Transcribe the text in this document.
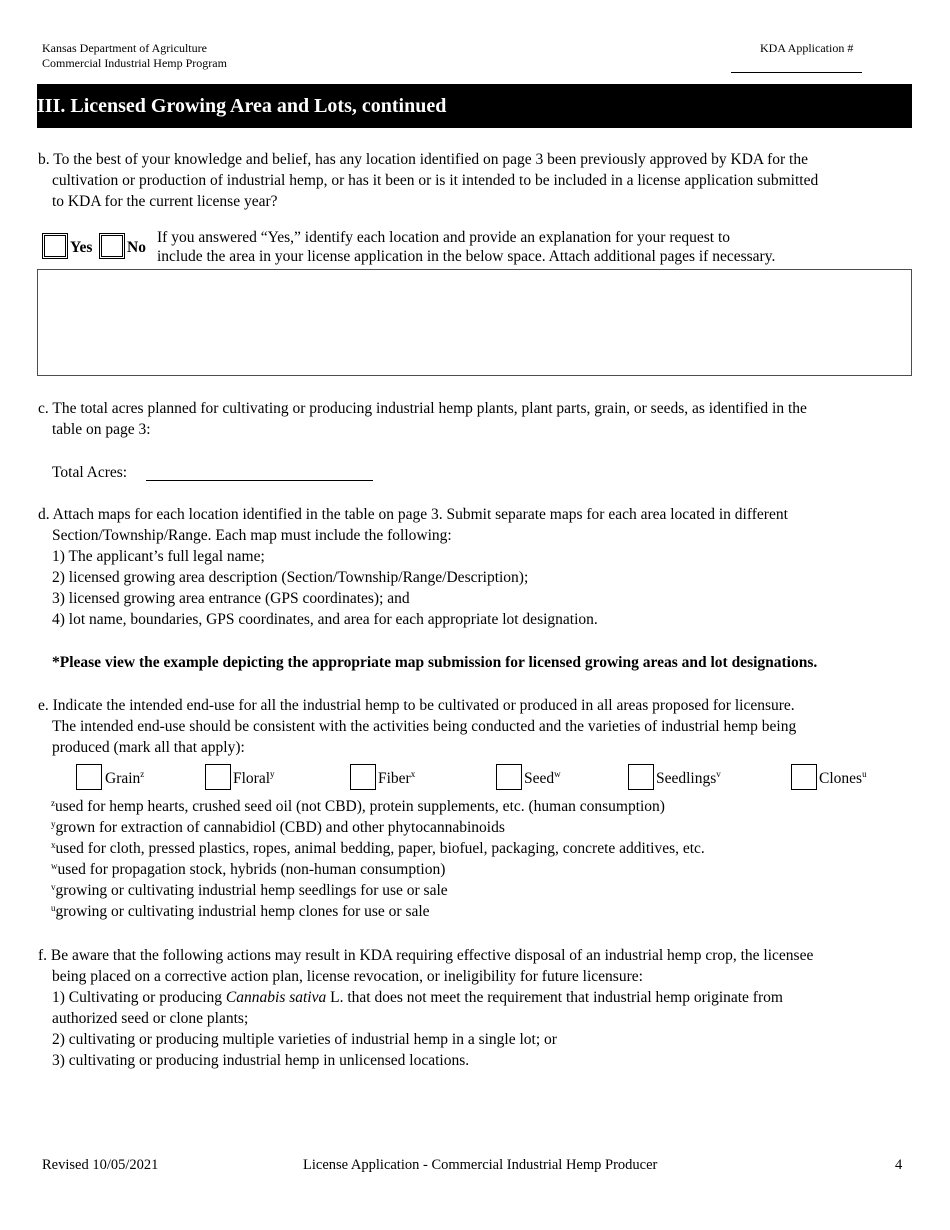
Kansas Department of Agriculture
Commercial Industrial Hemp Program
KDA Application #
III. Licensed Growing Area and Lots, continued
b. To the best of your knowledge and belief, has any location identified on page 3 been previously approved by KDA for the
cultivation or production of industrial hemp, or has it been or is it intended to be included in a license application submitted
to KDA for the current license year?
Yes No
If you answered “Yes,” identify each location and provide an explanation for your request to
include the area in your license application in the below space. Attach additional pages if necessary.
c. The total acres planned for cultivating or producing industrial hemp plants, plant parts, grain, or seeds, as identified in the
table on page 3:
Total Acres:
d. Attach maps for each location identified in the table on page 3. Submit separate maps for each area located in different
Section/Township/Range. Each map must include the following:
1) The applicant’s full legal name;
2) licensed growing area description (Section/Township/Range/Description);
3) licensed growing area entrance (GPS coordinates); and
4) lot name, boundaries, GPS coordinates, and area for each appropriate lot designation.
*Please view the example depicting the appropriate map submission for licensed growing areas and lot designations.
e. Indicate the intended end-use for all the industrial hemp to be cultivated or produced in all areas proposed for licensure.
The intended end-use should be consistent with the activities being conducted and the varieties of industrial hemp being
produced (mark all that apply):
Grain$^z$	Floral$^y$	Fiber$^x$	Seed$^w$	Seedlings$^v$	Clones$^u$
$^z$used for hemp hearts, crushed seed oil (not CBD), protein supplements, etc. (human consumption)
$^y$grown for extraction of cannabidiol (CBD) and other phytocannabinoids
$^x$used for cloth, pressed plastics, ropes, animal bedding, paper, biofuel, packaging, concrete additives, etc.
$^w$used for propagation stock, hybrids (non-human consumption)
$^v$growing or cultivating industrial hemp seedlings for use or sale
$^u$growing or cultivating industrial hemp clones for use or sale
f. Be aware that the following actions may result in KDA requiring effective disposal of an industrial hemp crop, the licensee
being placed on a corrective action plan, license revocation, or ineligibility for future licensure:
1) Cultivating or producing Cannabis sativa L. that does not meet the requirement that industrial hemp originate from
authorized seed or clone plants;
2) cultivating or producing multiple varieties of industrial hemp in a single lot; or
3) cultivating or producing industrial hemp in unlicensed locations.
Revised 10/05/2021	License Application - Commercial Industrial Hemp Producer	4
